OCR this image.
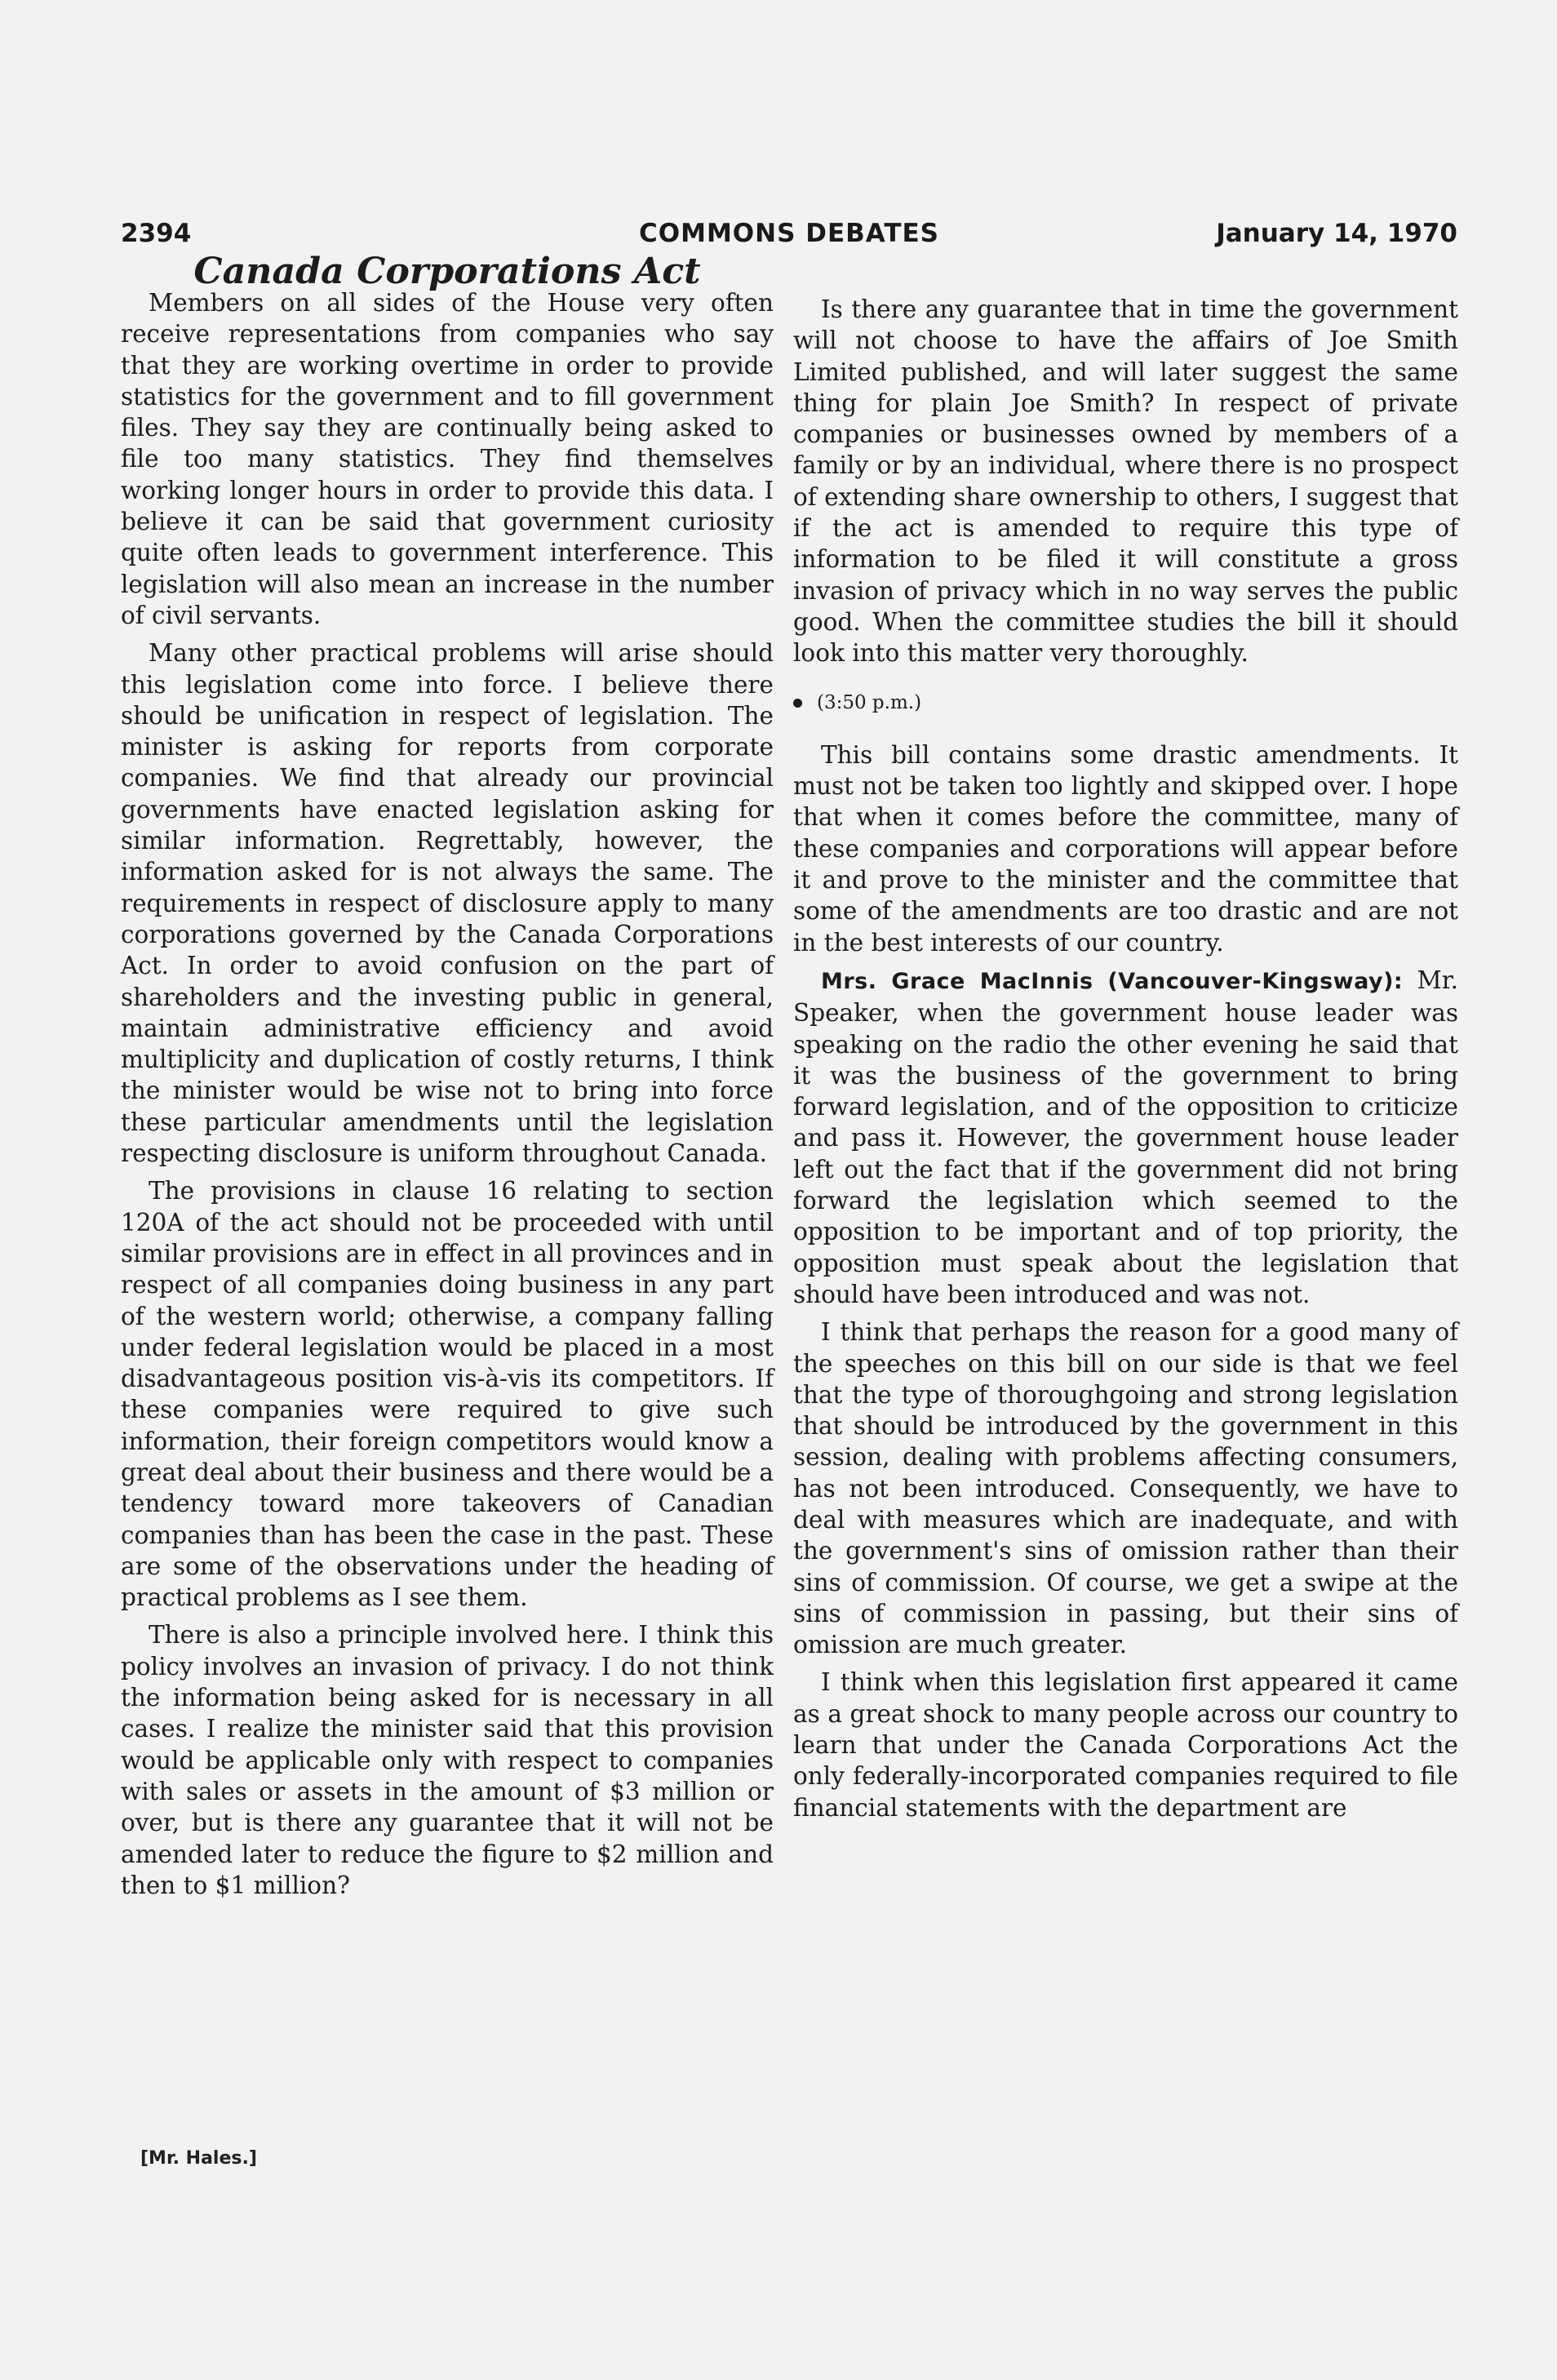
2394	COMMONS DEBATES	January 14, 1970
Canada Corporations Act

Members on all sides of the House very often receive representations from companies who say that they are working overtime in order to provide statistics for the government and to fill government files. They say they are continually being asked to file too many statistics. They find themselves working longer hours in order to provide this data. I believe it can be said that government curiosity quite often leads to government interference. This legislation will also mean an increase in the number of civil servants.

Many other practical problems will arise should this legislation come into force. I believe there should be unification in respect of legislation. The minister is asking for reports from corporate companies. We find that already our provincial governments have enacted legislation asking for similar information. Regrettably, however, the information asked for is not always the same. The requirements in respect of disclosure apply to many corporations governed by the Canada Corporations Act. In order to avoid confusion on the part of shareholders and the investing public in general, maintain administrative efficiency and avoid multiplicity and duplication of costly returns, I think the minister would be wise not to bring into force these particular amendments until the legislation respecting disclosure is uniform throughout Canada.

The provisions in clause 16 relating to section 120A of the act should not be proceeded with until similar provisions are in effect in all provinces and in respect of all companies doing business in any part of the western world; otherwise, a company falling under federal legislation would be placed in a most disadvantageous position vis-à-vis its competitors. If these companies were required to give such information, their foreign competitors would know a great deal about their business and there would be a tendency toward more takeovers of Canadian companies than has been the case in the past. These are some of the observations under the heading of practical problems as I see them.

There is also a principle involved here. I think this policy involves an invasion of privacy. I do not think the information being asked for is necessary in all cases. I realize the minister said that this provision would be applicable only with respect to companies with sales or assets in the amount of $3 million or over, but is there any guarantee that it will not be amended later to reduce the figure to $2 million and then to $1 million?

[Mr. Hales.]

Is there any guarantee that in time the government will not choose to have the affairs of Joe Smith Limited published, and will later suggest the same thing for plain Joe Smith? In respect of private companies or businesses owned by members of a family or by an individual, where there is no prospect of extending share ownership to others, I suggest that if the act is amended to require this type of information to be filed it will constitute a gross invasion of privacy which in no way serves the public good. When the committee studies the bill it should look into this matter very thoroughly.

(3:50 p.m.)

This bill contains some drastic amendments. It must not be taken too lightly and skipped over. I hope that when it comes before the committee, many of these companies and corporations will appear before it and prove to the minister and the committee that some of the amendments are too drastic and are not in the best interests of our country.

Mrs. Grace MacInnis (Vancouver-Kingsway): Mr. Speaker, when the government house leader was speaking on the radio the other evening he said that it was the business of the government to bring forward legislation, and of the opposition to criticize and pass it. However, the government house leader left out the fact that if the government did not bring forward the legislation which seemed to the opposition to be important and of top priority, the opposition must speak about the legislation that should have been introduced and was not.

I think that perhaps the reason for a good many of the speeches on this bill on our side is that we feel that the type of thoroughgoing and strong legislation that should be introduced by the government in this session, dealing with problems affecting consumers, has not been introduced. Consequently, we have to deal with measures which are inadequate, and with the government's sins of omission rather than their sins of commission. Of course, we get a swipe at the sins of commission in passing, but their sins of omission are much greater.

I think when this legislation first appeared it came as a great shock to many people across our country to learn that under the Canada Corporations Act the only federally-incorporated companies required to file financial statements with the department are
